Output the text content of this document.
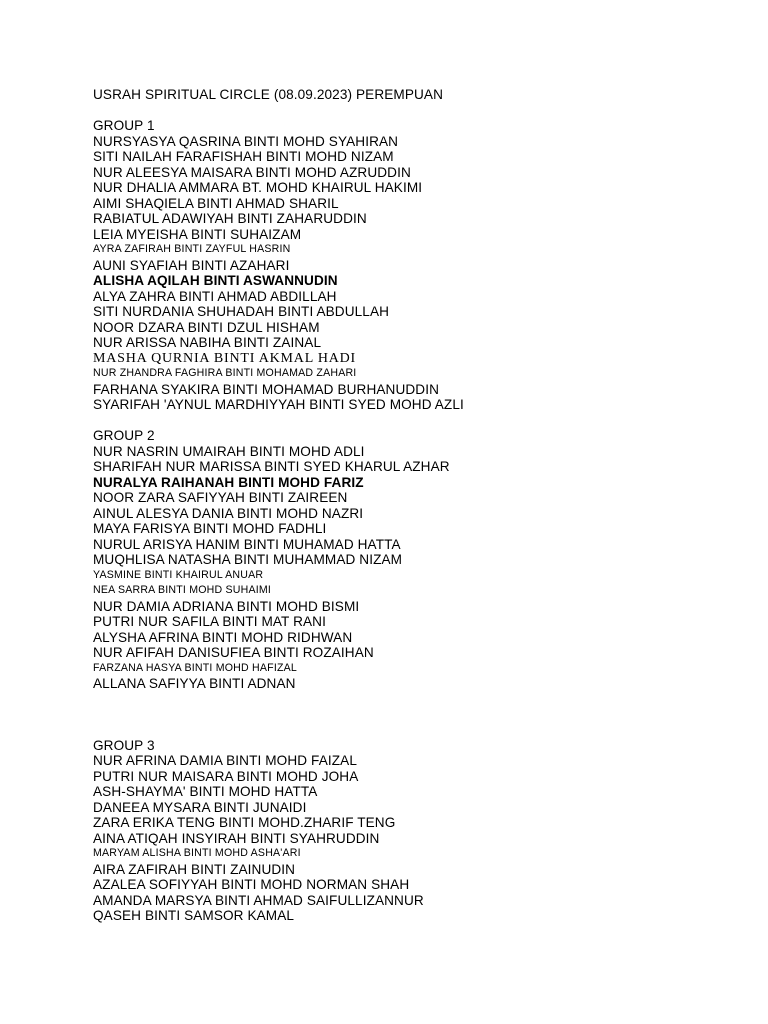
USRAH SPIRITUAL CIRCLE (08.09.2023) PEREMPUAN
GROUP 1
NURSYASYA QASRINA BINTI MOHD SYAHIRAN
SITI NAILAH FARAFISHAH BINTI MOHD NIZAM
NUR ALEESYA MAISARA BINTI MOHD AZRUDDIN
NUR DHALIA AMMARA BT. MOHD KHAIRUL HAKIMI
AIMI SHAQIELA BINTI AHMAD SHARIL
RABIATUL ADAWIYAH BINTI ZAHARUDDIN
LEIA MYEISHA BINTI SUHAIZAM
AYRA ZAFIRAH BINTI ZAYFUL HASRIN
AUNI SYAFIAH BINTI AZAHARI
ALISHA AQILAH BINTI ASWANNUDIN
ALYA ZAHRA BINTI AHMAD ABDILLAH
SITI NURDANIA SHUHADAH BINTI ABDULLAH
NOOR DZARA BINTI DZUL HISHAM
NUR ARISSA NABIHA BINTI ZAINAL
MASHA QURNIA BINTI AKMAL HADI
NUR ZHANDRA FAGHIRA BINTI MOHAMAD ZAHARI
FARHANA SYAKIRA BINTI MOHAMAD BURHANUDDIN
SYARIFAH 'AYNUL MARDHIYYAH BINTI SYED MOHD AZLI
GROUP 2
NUR NASRIN UMAIRAH BINTI MOHD ADLI
SHARIFAH NUR MARISSA BINTI SYED KHARUL AZHAR
NURALYA RAIHANAH BINTI MOHD FARIZ
NOOR ZARA SAFIYYAH BINTI ZAIREEN
AINUL ALESYA DANIA BINTI MOHD NAZRI
MAYA FARISYA BINTI MOHD FADHLI
NURUL ARISYA HANIM BINTI MUHAMAD HATTA
MUQHLISA NATASHA BINTI MUHAMMAD NIZAM
YASMINE BINTI KHAIRUL ANUAR
NEA SARRA BINTI MOHD SUHAIMI
NUR DAMIA ADRIANA BINTI MOHD BISMI
PUTRI NUR SAFILA BINTI MAT RANI
ALYSHA AFRINA BINTI MOHD RIDHWAN
NUR AFIFAH DANISUFIEA BINTI ROZAIHAN
FARZANA HASYA BINTI MOHD HAFIZAL
ALLANA SAFIYYA BINTI ADNAN
GROUP 3
NUR AFRINA DAMIA BINTI MOHD FAIZAL
PUTRI NUR MAISARA BINTI MOHD JOHA
ASH-SHAYMA' BINTI MOHD HATTA
DANEEA MYSARA BINTI JUNAIDI
ZARA ERIKA TENG BINTI MOHD.ZHARIF TENG
AINA ATIQAH INSYIRAH BINTI SYAHRUDDIN
MARYAM ALISHA BINTI MOHD ASHA'ARI
AIRA ZAFIRAH BINTI ZAINUDIN
AZALEA SOFIYYAH BINTI MOHD NORMAN SHAH
AMANDA MARSYA BINTI AHMAD SAIFULLIZANNUR
QASEH BINTI SAMSOR KAMAL
